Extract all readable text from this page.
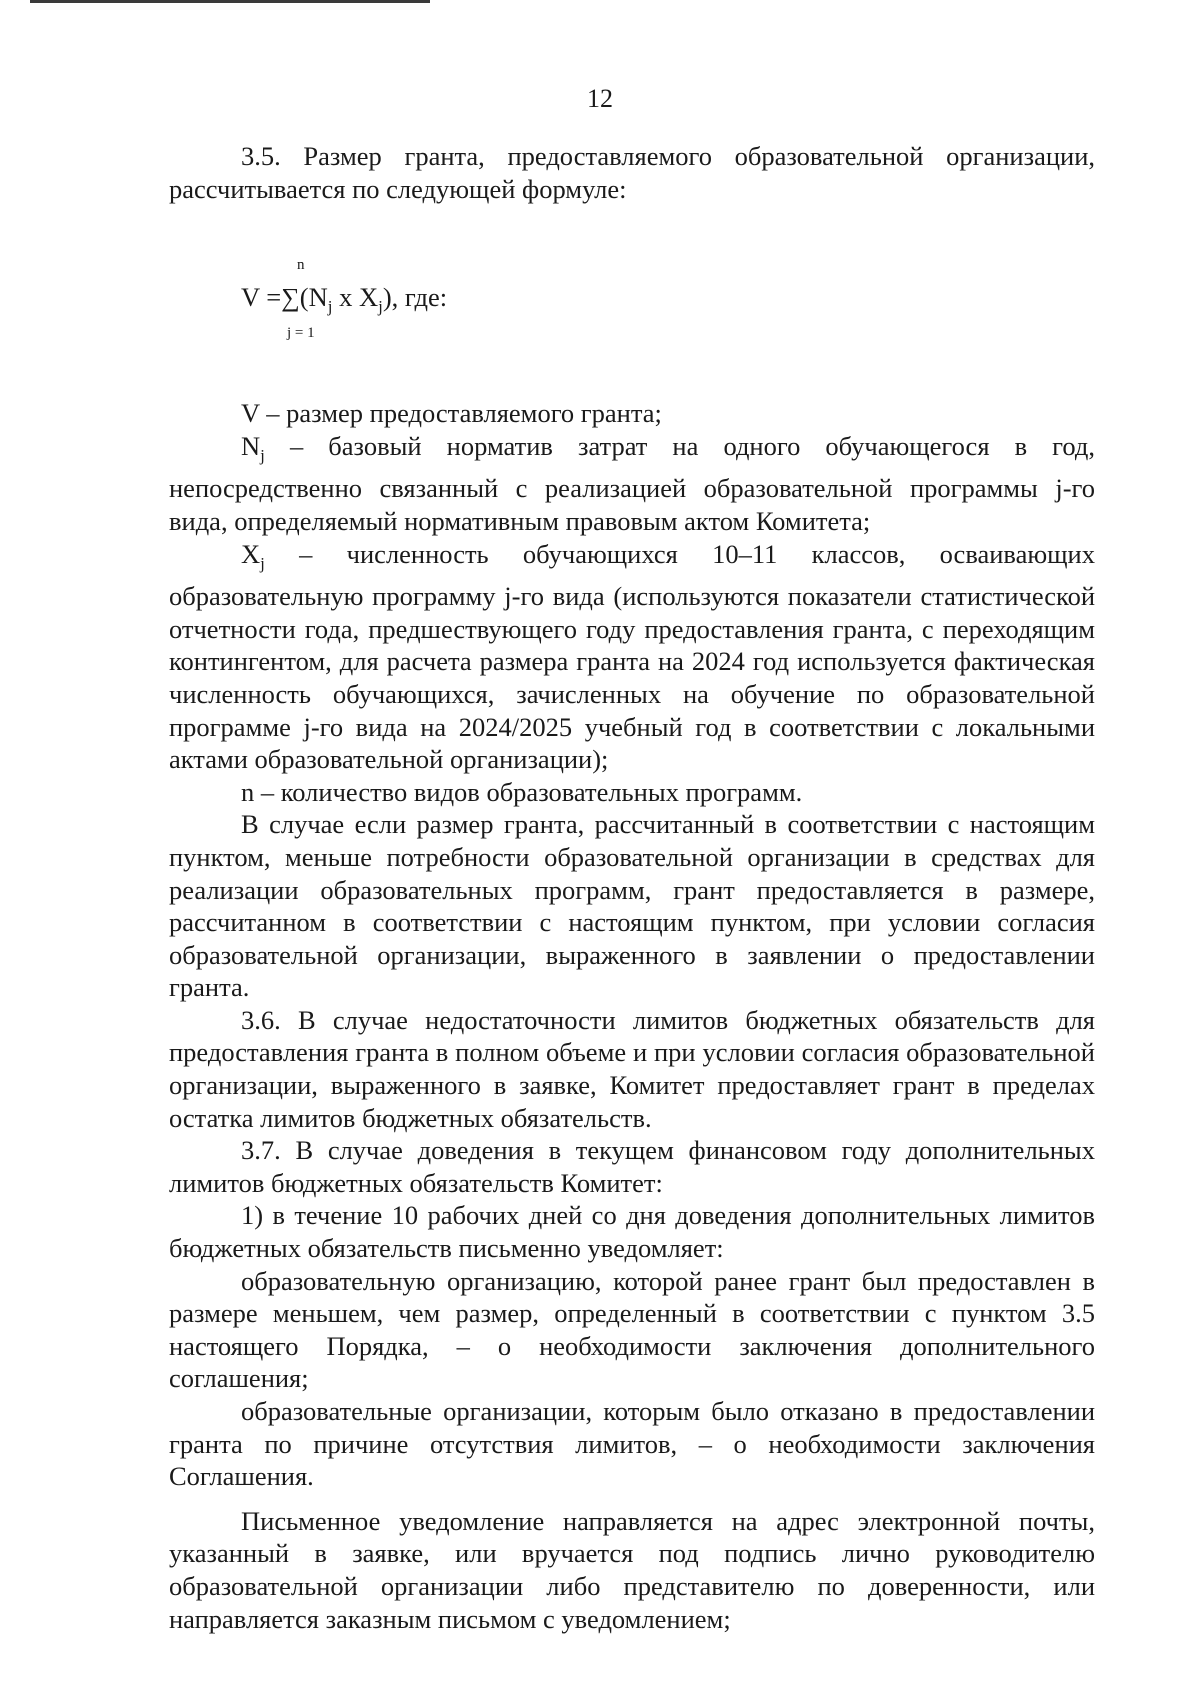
12

3.5. Размер гранта, предоставляемого образовательной организации, рассчитывается по следующей формуле:

n
$V =\sum(N_j$ x $X_j$), где:
j = 1

V – размер предоставляемого гранта;

$N_j$ – базовый норматив затрат на одного обучающегося в год, непосредственно связанный с реализацией образовательной программы j-го вида, определяемый нормативным правовым актом Комитета;

$X_j$ – численность обучающихся 10–11 классов, осваивающих образовательную программу j-го вида (используются показатели статистической отчетности года, предшествующего году предоставления гранта, с переходящим контингентом, для расчета размера гранта на 2024 год используется фактическая численность обучающихся, зачисленных на обучение по образовательной программе j-го вида на 2024/2025 учебный год в соответствии с локальными актами образовательной организации);

n – количество видов образовательных программ.

В случае если размер гранта, рассчитанный в соответствии с настоящим пунктом, меньше потребности образовательной организации в средствах для реализации образовательных программ, грант предоставляется в размере, рассчитанном в соответствии с настоящим пунктом, при условии согласия образовательной организации, выраженного в заявлении о предоставлении гранта.

3.6. В случае недостаточности лимитов бюджетных обязательств для предоставления гранта в полном объеме и при условии согласия образовательной организации, выраженного в заявке, Комитет предоставляет грант в пределах остатка лимитов бюджетных обязательств.

3.7. В случае доведения в текущем финансовом году дополнительных лимитов бюджетных обязательств Комитет:

1) в течение 10 рабочих дней со дня доведения дополнительных лимитов бюджетных обязательств письменно уведомляет:

образовательную организацию, которой ранее грант был предоставлен в размере меньшем, чем размер, определенный в соответствии с пунктом 3.5 настоящего Порядка, – о необходимости заключения дополнительного соглашения;

образовательные организации, которым было отказано в предоставлении гранта по причине отсутствия лимитов, – о необходимости заключения Соглашения.

Письменное уведомление направляется на адрес электронной почты, указанный в заявке, или вручается под подпись лично руководителю образовательной организации либо представителю по доверенности, или направляется заказным письмом с уведомлением;
